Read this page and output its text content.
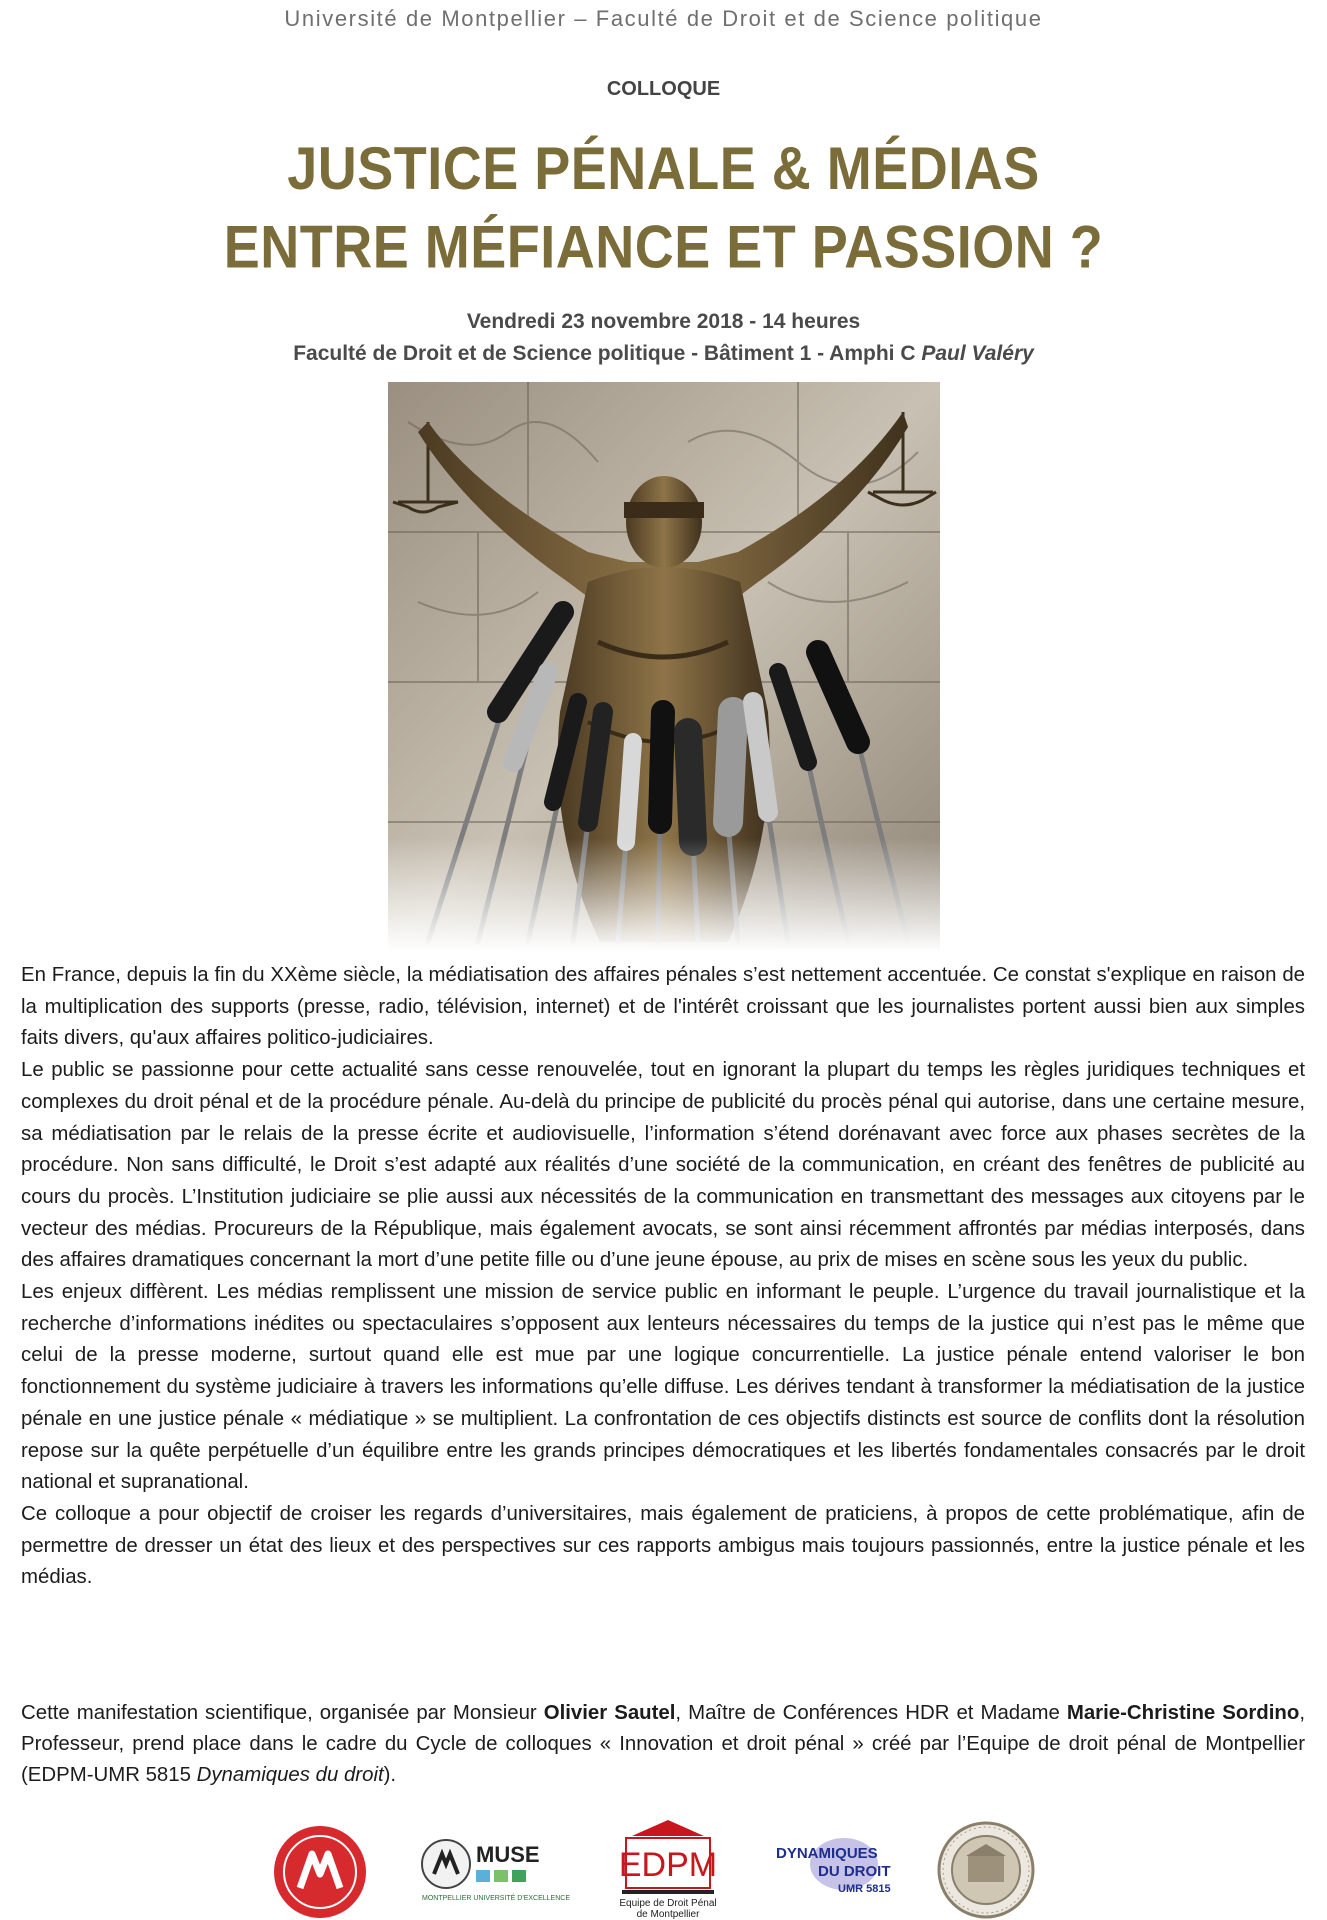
Université de Montpellier – Faculté de Droit et de Science politique
COLLOQUE
JUSTICE PÉNALE & MÉDIAS
ENTRE MÉFIANCE ET PASSION ?
Vendredi 23 novembre 2018 - 14 heures
Faculté de Droit et de Science politique - Bâtiment 1 - Amphi C Paul Valéry

En France, depuis la fin du XXème siècle, la médiatisation des affaires pénales s’est nettement accentuée. Ce constat s'explique en raison de la multiplication des supports (presse, radio, télévision, internet) et de l'intérêt croissant que les journalistes portent aussi bien aux simples faits divers, qu'aux affaires politico-judiciaires.

Le public se passionne pour cette actualité sans cesse renouvelée, tout en ignorant la plupart du temps les règles juridiques techniques et complexes du droit pénal et de la procédure pénale. Au-delà du principe de publicité du procès pénal qui autorise, dans une certaine mesure, sa médiatisation par le relais de la presse écrite et audiovisuelle, l’information s’étend dorénavant avec force aux phases secrètes de la procédure. Non sans difficulté, le Droit s’est adapté aux réalités d’une société de la communication, en créant des fenêtres de publicité au cours du procès. L’Institution judiciaire se plie aussi aux nécessités de la communication en transmettant des messages aux citoyens par le vecteur des médias. Procureurs de la République, mais également avocats, se sont ainsi récemment affrontés par médias interposés, dans des affaires dramatiques concernant la mort d’une petite fille ou d’une jeune épouse, au prix de mises en scène sous les yeux du public.

Les enjeux diffèrent. Les médias remplissent une mission de service public en informant le peuple. L’urgence du travail journalistique et la recherche d’informations inédites ou spectaculaires s’opposent aux lenteurs nécessaires du temps de la justice qui n’est pas le même que celui de la presse moderne, surtout quand elle est mue par une logique concurrentielle. La justice pénale entend valoriser le bon fonctionnement du système judiciaire à travers les informations qu’elle diffuse. Les dérives tendant à transformer la médiatisation de la justice pénale en une justice pénale « médiatique » se multiplient. La confrontation de ces objectifs distincts est source de conflits dont la résolution repose sur la quête perpétuelle d’un équilibre entre les grands principes démocratiques et les libertés fondamentales consacrés par le droit national et supranational.

Ce colloque a pour objectif de croiser les regards d’universitaires, mais également de praticiens, à propos de cette problématique, afin de permettre de dresser un état des lieux et des perspectives sur ces rapports ambigus mais toujours passionnés, entre la justice pénale et les médias.

Cette manifestation scientifique, organisée par Monsieur Olivier Sautel, Maître de Conférences HDR et Madame Marie-Christine Sordino, Professeur, prend place dans le cadre du Cycle de colloques « Innovation et droit pénal » créé par l’Equipe de droit pénal de Montpellier (EDPM-UMR 5815 Dynamiques du droit).
MUSE
MONTPELLIER UNIVERSITÉ D'EXCELLENCE
EDPM
Equipe de Droit Pénal
de Montpellier
DYNAMIQUES
DU DROIT
UMR 5815
